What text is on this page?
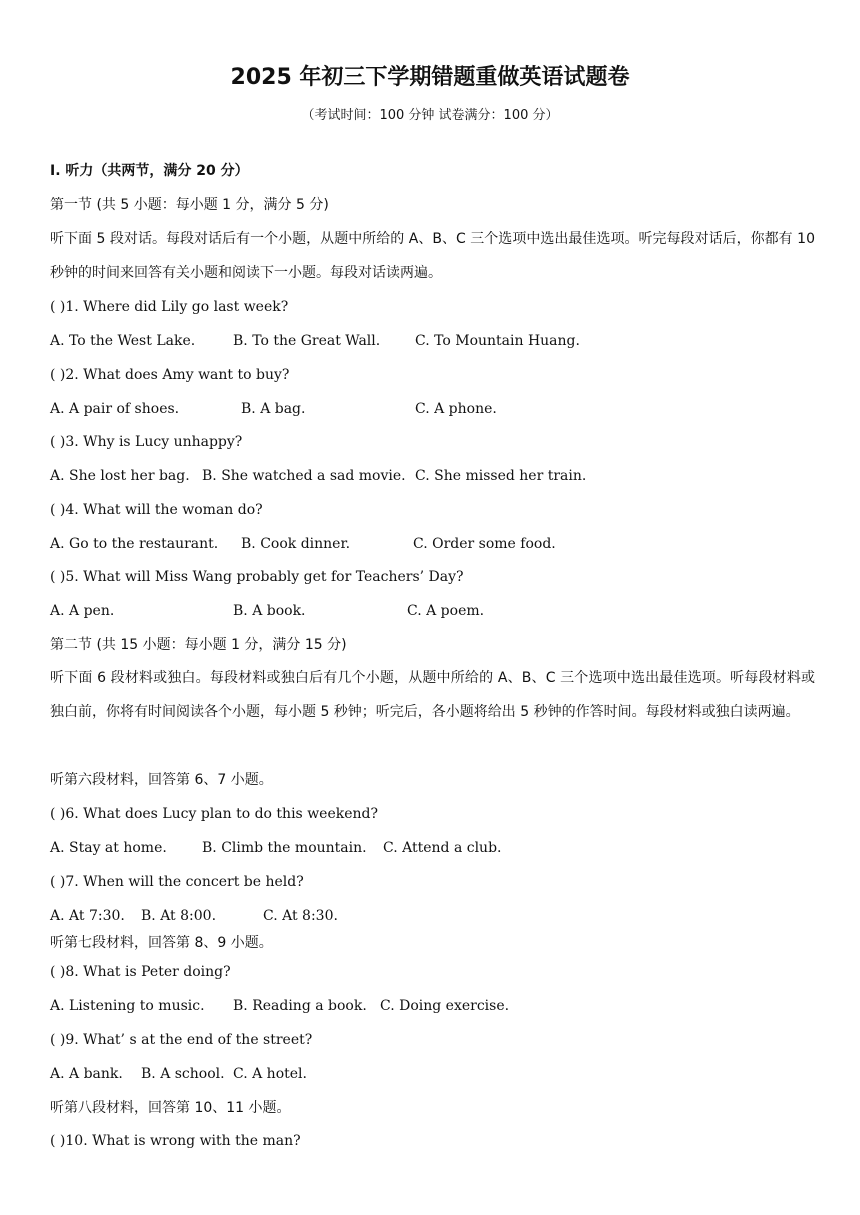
2025 年初三下学期错题重做英语试题卷
（考试时间：100 分钟 试卷满分：100 分）
I. 听力（共两节，满分 20 分）
第一节 (共 5 小题：每小题 1 分，满分 5 分)
听下面 5 段对话。每段对话后有一个小题，从题中所给的 A、B、C 三个选项中选出最佳选项。听完每段对话后，你都有 10 秒钟的时间来回答有关小题和阅读下一小题。每段对话读两遍。
( )1. Where did Lily go last week?
A. To the West Lake.	B. To the Great Wall. C. To Mountain Huang.
( )2. What does Amy want to buy?
A. A pair of shoes.	B. A bag.	C. A phone.
( )3. Why is Lucy unhappy?
A. She lost her bag. B. She watched a sad movie. C. She missed her train.
( )4. What will the woman do?
A. Go to the restaurant. B. Cook dinner.	C. Order some food.
( )5. What will Miss Wang probably get for Teachers’ Day?
A. A pen.	B. A book.	C. A poem.
第二节 (共 15 小题：每小题 1 分，满分 15 分)
听下面 6 段材料或独白。每段材料或独白后有几个小题，从题中所给的 A、B、C 三个选项中选出最佳选项。听每段材料或独白前，你将有时间阅读各个小题，每小题 5 秒钟；听完后，各小题将给出 5 秒钟的作答时间。每段材料或独白读两遍。
听第六段材料，回答第 6、7 小题。
( )6. What does Lucy plan to do this weekend?
A. Stay at home.	B. Climb the mountain. C. Attend a club.
( )7. When will the concert be held?
A. At 7:30. B. At 8:00.	C. At 8:30.
听第七段材料，回答第 8、9 小题。
( )8. What is Peter doing?
A. Listening to music. B. Reading a book. C. Doing exercise.
( )9. What’ s at the end of the street?
A. A bank. B. A school. C. A hotel.
听第八段材料，回答第 10、11 小题。
( )10. What is wrong with the man?
